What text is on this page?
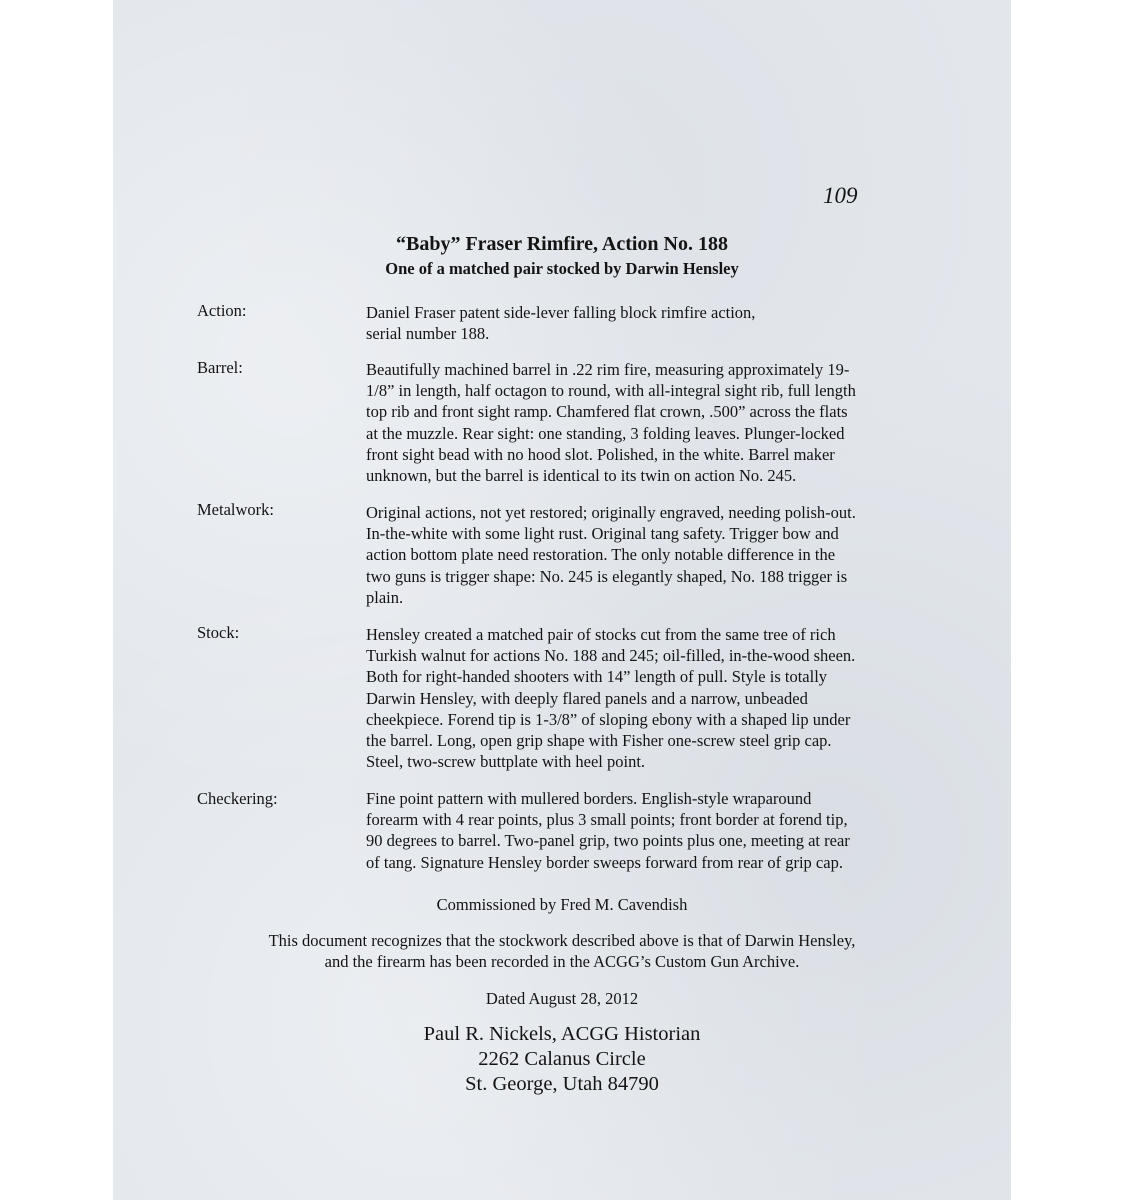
109
“Baby” Fraser Rimfire, Action No. 188
One of a matched pair stocked by Darwin Hensley
Action:	Daniel Fraser patent side-lever falling block rimfire action,
serial number 188.
Barrel:	Beautifully machined barrel in .22 rim fire, measuring approximately 19-
1/8” in length, half octagon to round, with all-integral sight rib, full length
top rib and front sight ramp. Chamfered flat crown, .500” across the flats
at the muzzle. Rear sight: one standing, 3 folding leaves. Plunger-locked
front sight bead with no hood slot. Polished, in the white. Barrel maker
unknown, but the barrel is identical to its twin on action No. 245.
Metalwork:	Original actions, not yet restored; originally engraved, needing polish-out.
In-the-white with some light rust. Original tang safety. Trigger bow and
action bottom plate need restoration. The only notable difference in the
two guns is trigger shape: No. 245 is elegantly shaped, No. 188 trigger is
plain.
Stock:	Hensley created a matched pair of stocks cut from the same tree of rich
Turkish walnut for actions No. 188 and 245; oil-filled, in-the-wood sheen.
Both for right-handed shooters with 14” length of pull. Style is totally
Darwin Hensley, with deeply flared panels and a narrow, unbeaded
cheekpiece. Forend tip is 1-3/8” of sloping ebony with a shaped lip under
the barrel. Long, open grip shape with Fisher one-screw steel grip cap.
Steel, two-screw buttplate with heel point.
Checkering:	Fine point pattern with mullered borders. English-style wraparound
forearm with 4 rear points, plus 3 small points; front border at forend tip,
90 degrees to barrel. Two-panel grip, two points plus one, meeting at rear
of tang. Signature Hensley border sweeps forward from rear of grip cap.
Commissioned by Fred M. Cavendish
This document recognizes that the stockwork described above is that of Darwin Hensley,
and the firearm has been recorded in the ACGG’s Custom Gun Archive.
Dated August 28, 2012
Paul R. Nickels, ACGG Historian
2262 Calanus Circle
St. George, Utah 84790
